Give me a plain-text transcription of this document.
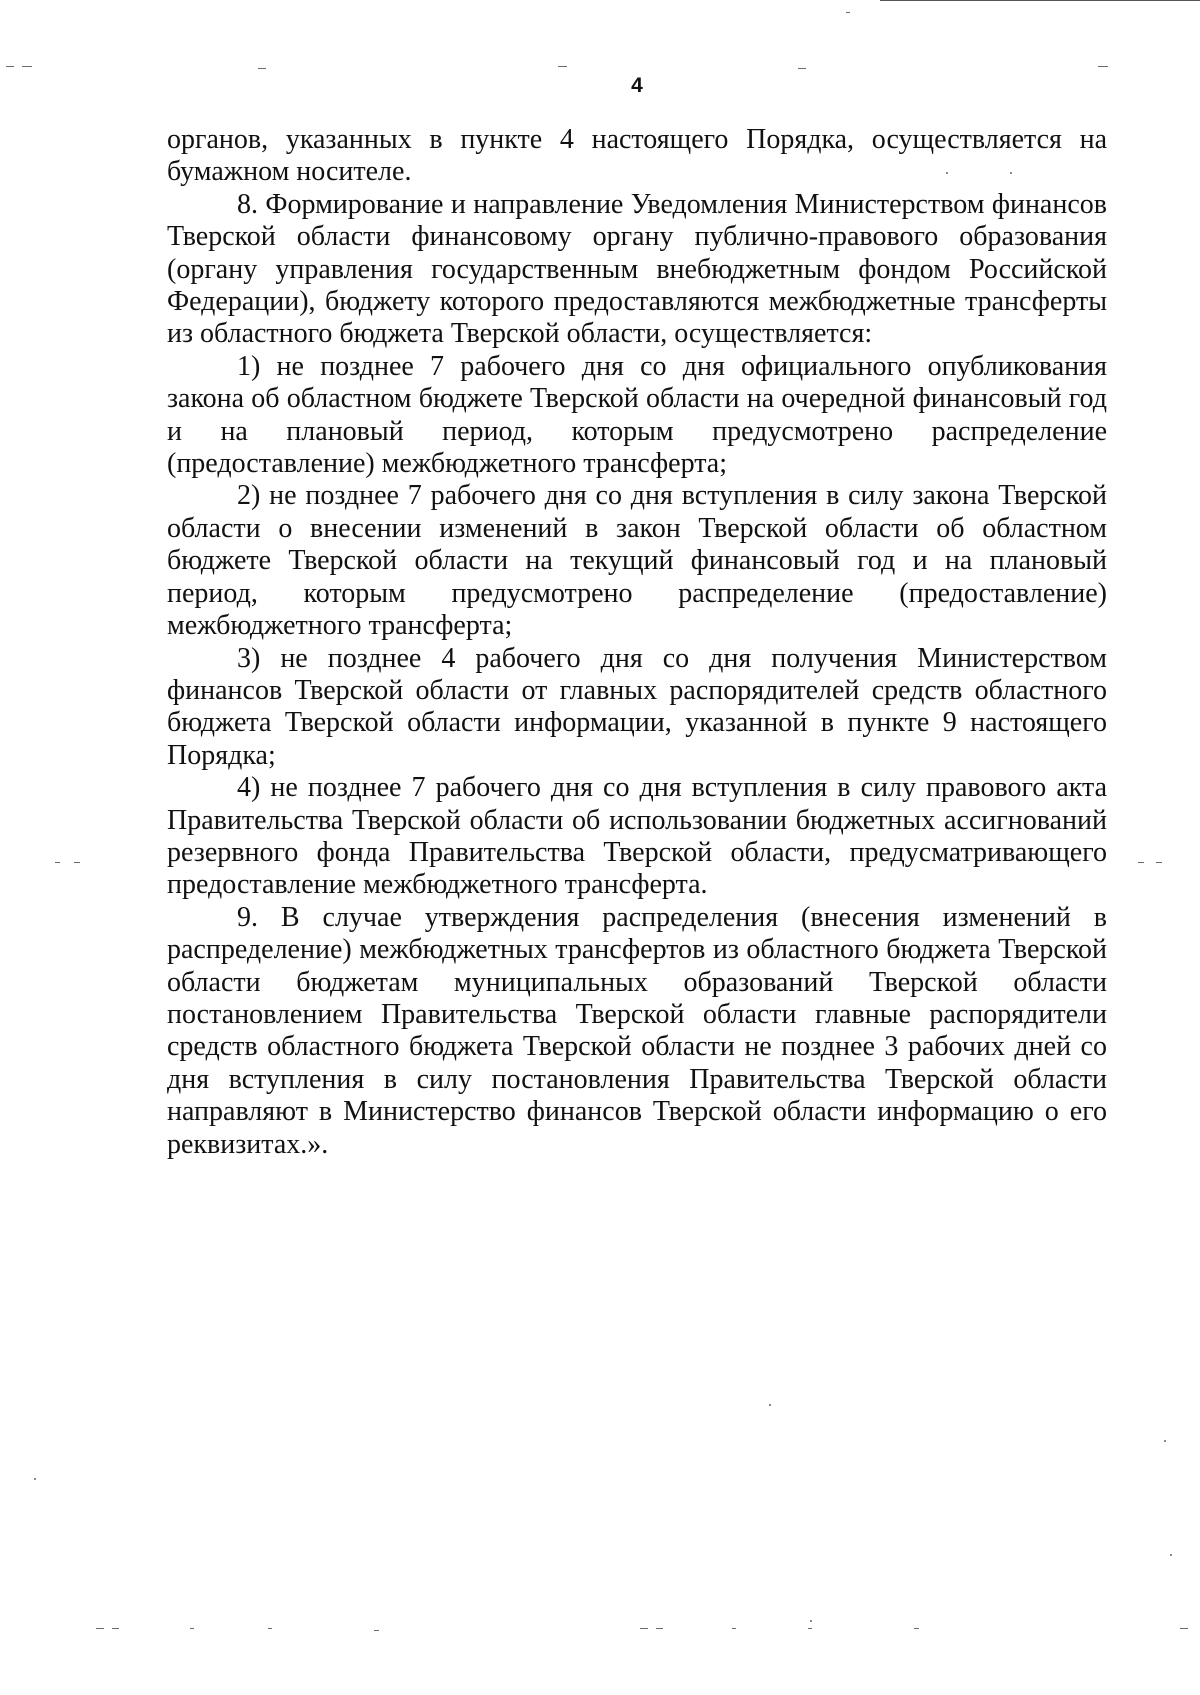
4

органов, указанных в пункте 4 настоящего Порядка, осуществляется на бумажном носителе.

8. Формирование и направление Уведомления Министерством финансов Тверской области финансовому органу публично-правового образования (органу управления государственным внебюджетным фондом Российской Федерации), бюджету которого предоставляются межбюджетные трансферты из областного бюджета Тверской области, осуществляется:

1) не позднее 7 рабочего дня со дня официального опубликования закона об областном бюджете Тверской области на очередной финансовый год и на плановый период, которым предусмотрено распределение (предоставление) межбюджетного трансферта;

2) не позднее 7 рабочего дня со дня вступления в силу закона Тверской области о внесении изменений в закон Тверской области об областном бюджете Тверской области на текущий финансовый год и на плановый период, которым предусмотрено распределение (предоставление) межбюджетного трансферта;

3) не позднее 4 рабочего дня со дня получения Министерством финансов Тверской области от главных распорядителей средств областного бюджета Тверской области информации, указанной в пункте 9 настоящего Порядка;

4) не позднее 7 рабочего дня со дня вступления в силу правового акта Правительства Тверской области об использовании бюджетных ассигнований резервного фонда Правительства Тверской области, предусматривающего предоставление межбюджетного трансферта.

9. В случае утверждения распределения (внесения изменений в распределение) межбюджетных трансфертов из областного бюджета Тверской области бюджетам муниципальных образований Тверской области постановлением Правительства Тверской области главные распорядители средств областного бюджета Тверской области не позднее 3 рабочих дней со дня вступления в силу постановления Правительства Тверской области направляют в Министерство финансов Тверской области информацию о его реквизитах.».
